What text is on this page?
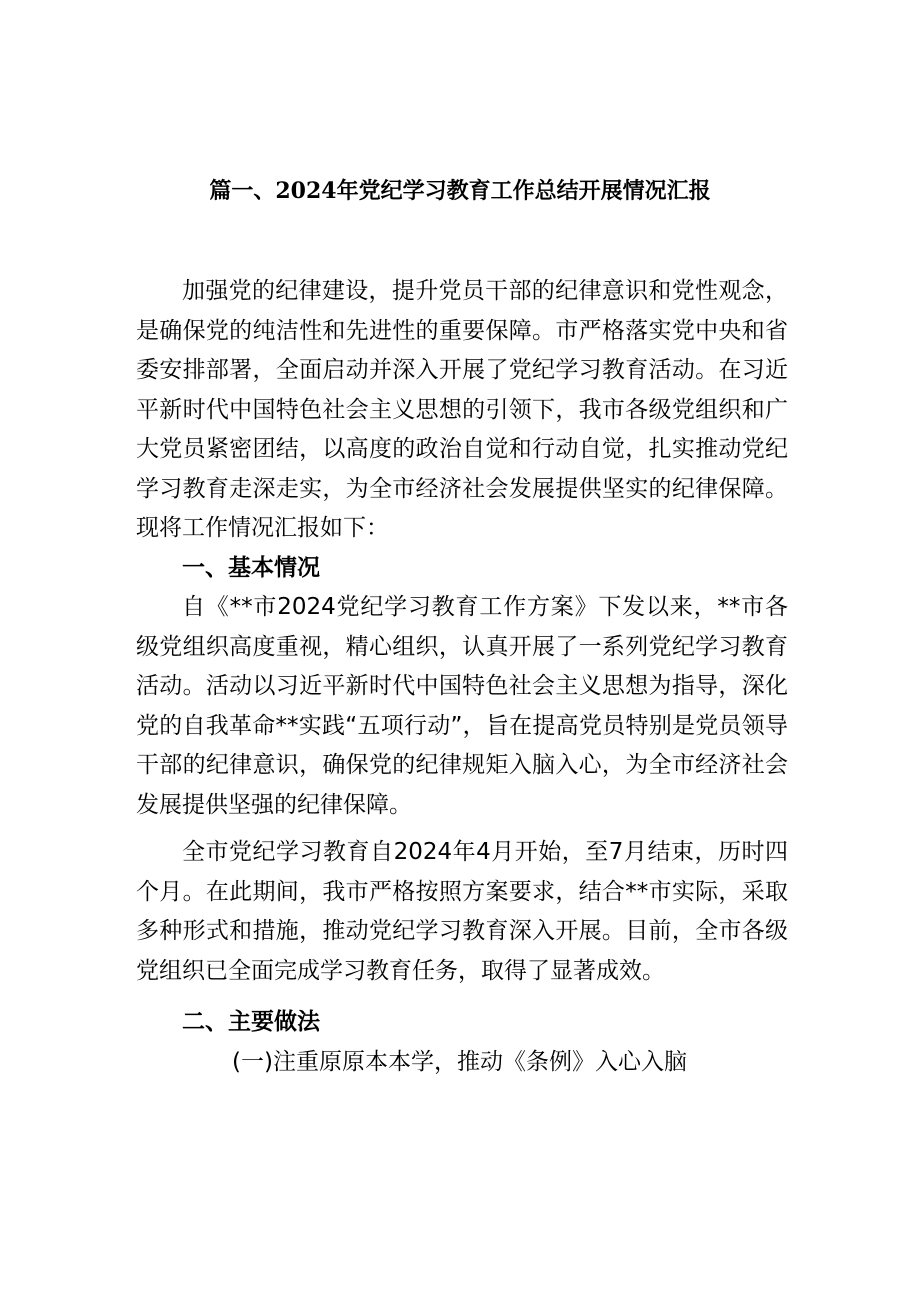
篇一、2024年党纪学习教育工作总结开展情况汇报

加强党的纪律建设，提升党员干部的纪律意识和党性观念，是确保党的纯洁性和先进性的重要保障。市严格落实党中央和省委安排部署，全面启动并深入开展了党纪学习教育活动。在习近平新时代中国特色社会主义思想的引领下，我市各级党组织和广大党员紧密团结，以高度的政治自觉和行动自觉，扎实推动党纪学习教育走深走实，为全市经济社会发展提供坚实的纪律保障。现将工作情况汇报如下：

一、基本情况

自《**市2024党纪学习教育工作方案》下发以来，**市各级党组织高度重视，精心组织，认真开展了一系列党纪学习教育活动。活动以习近平新时代中国特色社会主义思想为指导，深化党的自我革命**实践“五项行动”，旨在提高党员特别是党员领导干部的纪律意识，确保党的纪律规矩入脑入心，为全市经济社会发展提供坚强的纪律保障。

全市党纪学习教育自2024年4月开始，至7月结束，历时四个月。在此期间，我市严格按照方案要求，结合**市实际，采取多种形式和措施，推动党纪学习教育深入开展。目前，全市各级党组织已全面完成学习教育任务，取得了显著成效。

二、主要做法
(一)注重原原本本学，推动《条例》入心入脑
